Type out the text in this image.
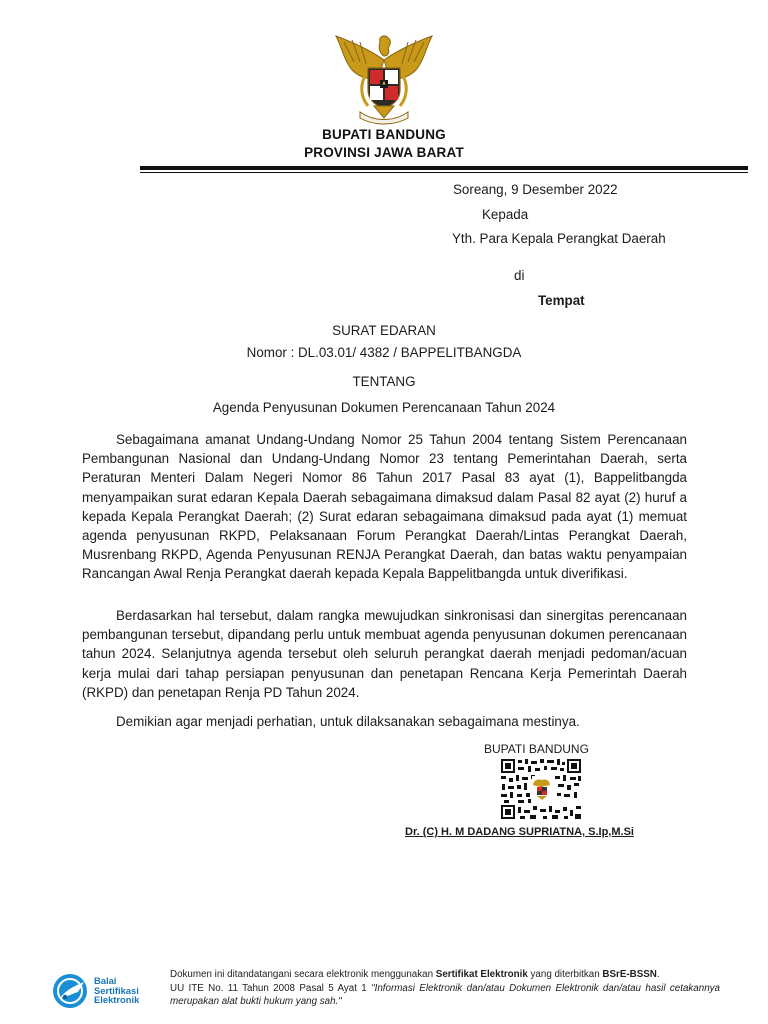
BUPATI BANDUNG
PROVINSI JAWA BARAT
Soreang, 9 Desember 2022
Kepada
Yth. Para Kepala Perangkat Daerah
di
Tempat
SURAT EDARAN
Nomor : DL.03.01/ 4382 / BAPPELITBANGDA
TENTANG
Agenda Penyusunan Dokumen Perencanaan Tahun 2024
Sebagaimana amanat Undang-Undang Nomor 25 Tahun 2004 tentang Sistem Perencanaan Pembangunan Nasional dan Undang-Undang Nomor 23 tentang Pemerintahan Daerah, serta Peraturan Menteri Dalam Negeri Nomor 86 Tahun 2017 Pasal 83 ayat (1), Bappelitbangda menyampaikan surat edaran Kepala Daerah sebagaimana dimaksud dalam Pasal 82 ayat (2) huruf a kepada Kepala Perangkat Daerah; (2) Surat edaran sebagaimana dimaksud pada ayat (1) memuat agenda penyusunan RKPD, Pelaksanaan Forum Perangkat Daerah/Lintas Perangkat Daerah, Musrenbang RKPD, Agenda Penyusunan RENJA Perangkat Daerah, dan batas waktu penyampaian Rancangan Awal Renja Perangkat daerah kepada Kepala Bappelitbangda untuk diverifikasi.
Berdasarkan hal tersebut, dalam rangka mewujudkan sinkronisasi dan sinergitas perencanaan pembangunan tersebut, dipandang perlu untuk membuat agenda penyusunan dokumen perencanaan tahun 2024. Selanjutnya agenda tersebut oleh seluruh perangkat daerah menjadi pedoman/acuan kerja mulai dari tahap persiapan penyusunan dan penetapan Rencana Kerja Pemerintah Daerah (RKPD) dan penetapan Renja PD Tahun 2024.
Demikian agar menjadi perhatian, untuk dilaksanakan sebagaimana mestinya.
BUPATI BANDUNG
Dr. (C) H. M DADANG SUPRIATNA, S.Ip,M.Si
Balai
Sertifikasi
Elektronik
Dokumen ini ditandatangani secara elektronik menggunakan Sertifikat Elektronik yang diterbitkan BSrE-BSSN.
UU ITE No. 11 Tahun 2008 Pasal 5 Ayat 1 "Informasi Elektronik dan/atau Dokumen Elektronik dan/atau hasil cetakannya merupakan alat bukti hukum yang sah."
